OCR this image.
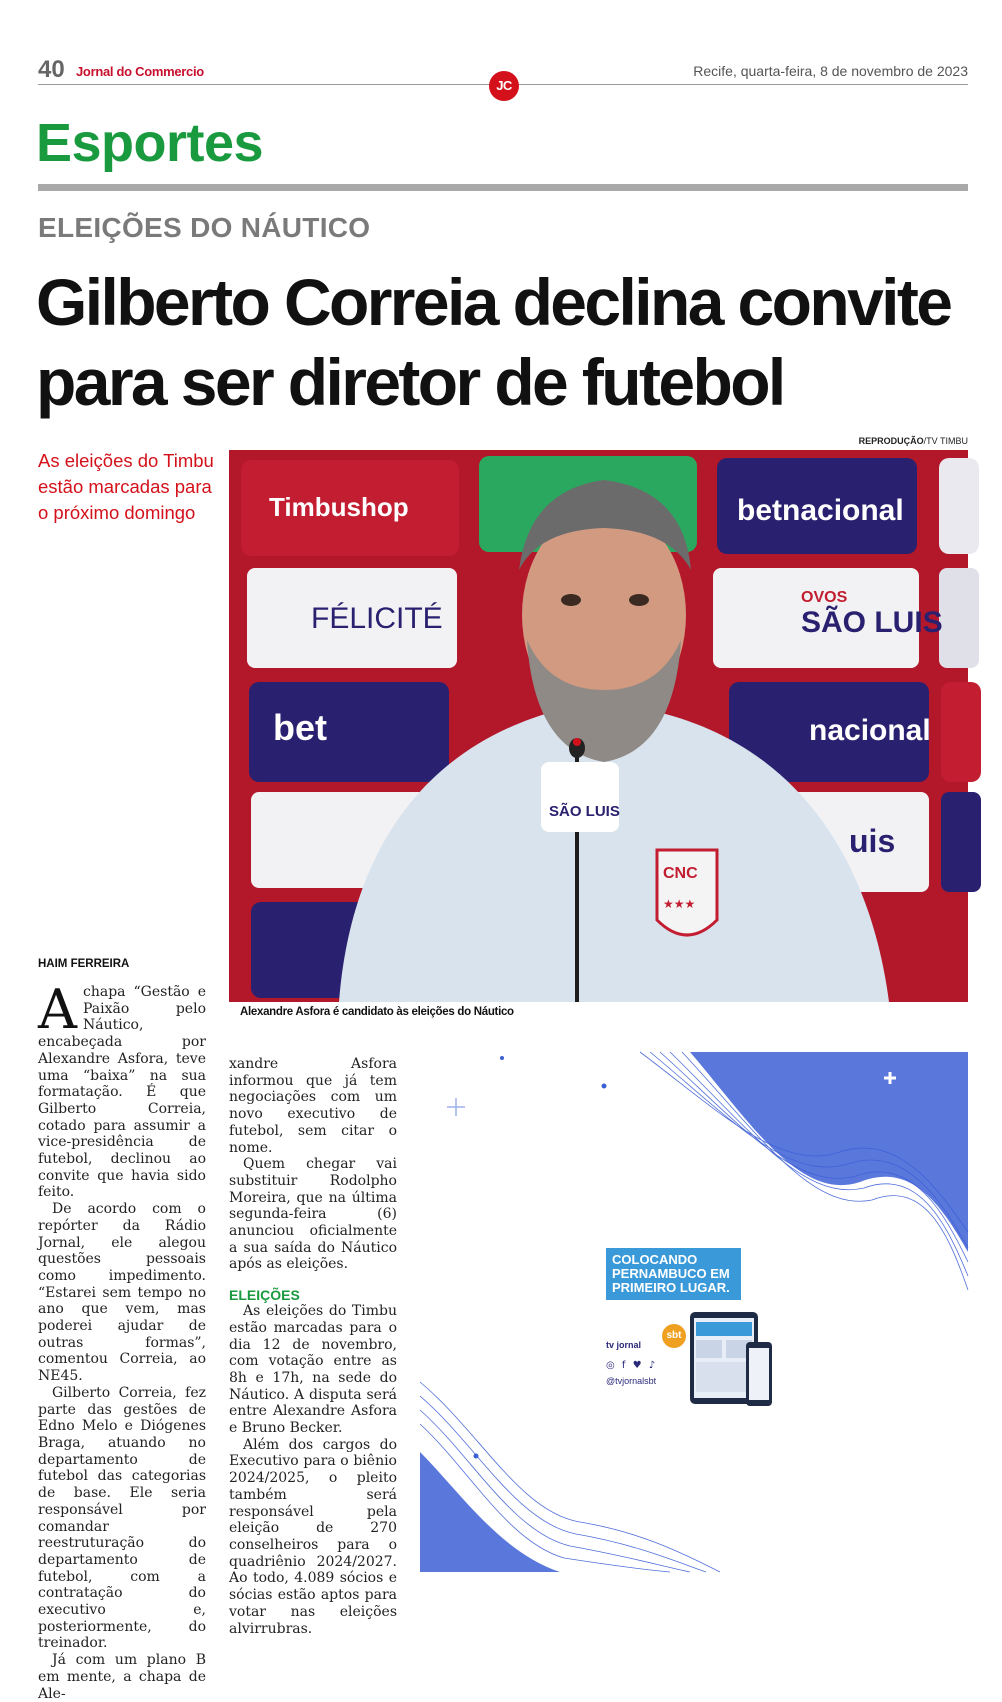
40 Jornal do Commercio	Recife, quarta-feira, 8 de novembro de 2023
JC
Esportes
ELEIÇÕES DO NÁUTICO
Gilberto Correia declina convite
para ser diretor de futebol
REPRODUÇÃO/TV TIMBU
As eleições do Timbu estão marcadas para o próximo domingo	Timbushop	betnacional
FÉLICITÉ
OVOS
SÃO LUIS
bet	nacional
uis
CNC
★★★
SÃO LUIS
Alexandre Asfora é candidato às eleições do Náutico
HAIM FERREIRA

Achapa “Gestão e Paixão pelo Náutico, encabeçada por Alexandre Asfora, teve uma “baixa” na sua formatação. É que Gilberto Correia, cotado para assumir a vice-presidência de futebol, declinou ao convite que havia sido feito.

De acordo com o repórter da Rádio Jornal, ele alegou questões pessoais como impedimento. “Estarei sem tempo no ano que vem, mas poderei ajudar de outras formas”, comentou Correia, ao NE45.

Gilberto Correia, fez parte das gestões de Edno Melo e Diógenes Braga, atuando no departamento de futebol das categorias de base. Ele seria responsável por comandar reestruturação do departamento de futebol, com a contratação do executivo e, posteriormente, do treinador.

Já com um plano B em mente, a chapa de Ale-

xandre Asfora informou que já tem negociações com um novo executivo de futebol, sem citar o nome.

Quem chegar vai substituir Rodolpho Moreira, que na última segunda-feira (6) anunciou oficialmente a sua saída do Náutico após as eleições.

ELEIÇÕES

As eleições do Timbu estão marcadas para o dia 12 de novembro, com votação entre as 8h e 17h, na sede do Náutico. A disputa será entre Alexandre Asfora e Bruno Becker.

Além dos cargos do Executivo para o biênio 2024/2025, o pleito também será responsável pela eleição de 270 conselheiros para o quadriênio 2024/2027. Ao todo, 4.089 sócios e sócias estão aptos para votar nas eleições alvirrubras.

COLOCANDO PERNAMBUCO EM PRIMEIRO LUGAR.
tv jornal
sbt
◎ f ♥ ♪
@tvjornalsbt
